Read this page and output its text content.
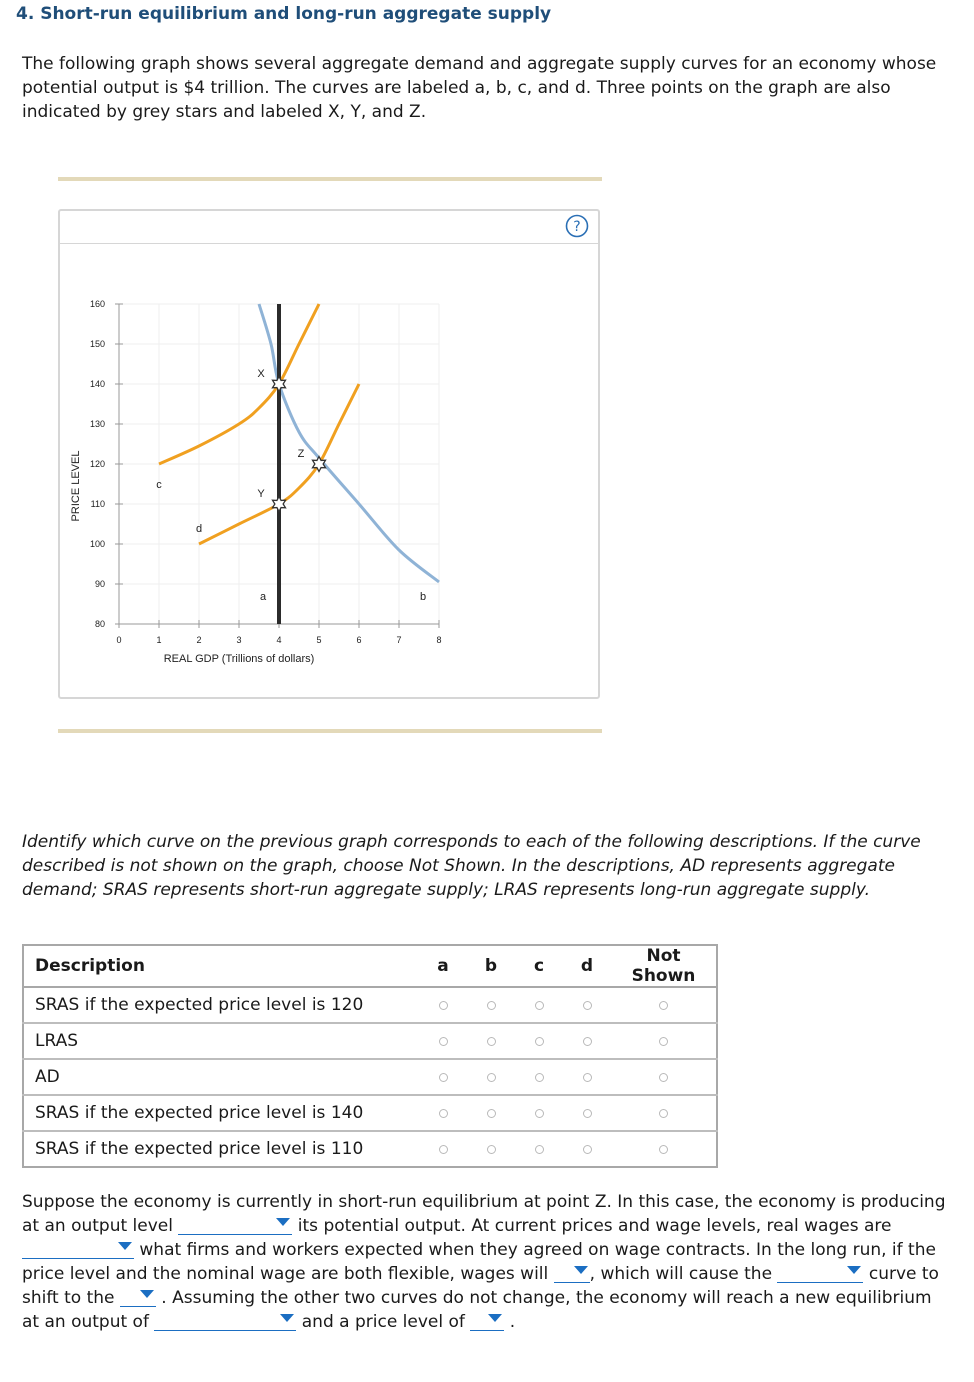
4. Short-run equilibrium and long-run aggregate supply

The following graph shows several aggregate demand and aggregate supply curves for an economy whose potential output is $4 trillion. The curves are labeled a, b, c, and d. Three points on the graph are also indicated by grey stars and labeled X, Y, and Z.

?
80
90
100
110
120
130
140
150
160
0	1	2	3	4	5	6	7	8
REAL GDP (Trillions of dollars)
PRICE LEVEL
a	b
c
d
X
Y
Z

Identify which curve on the previous graph corresponds to each of the following descriptions. If the curve described is not shown on the graph, choose Not Shown. In the descriptions, AD represents aggregate demand; SRAS represents short-run aggregate supply; LRAS represents long-run aggregate supply.

Description	a	b	c	d	Not Shown
SRAS if the expected price level is 120					
LRAS					
AD					
SRAS if the expected price level is 140					
SRAS if the expected price level is 110					

Suppose the economy is currently in short-run equilibrium at point Z. In this case, the economy is producing at an output level	its potential output. At current prices and wage levels, real wages are
what firms and workers expected when they agreed on wage contracts. In the long run, if the price level and the nominal wage are both flexible, wages will , which will cause the	curve to shift to the	. Assuming the other two curves do not change, the economy will reach a new equilibrium at an output of	and a price level of	.
